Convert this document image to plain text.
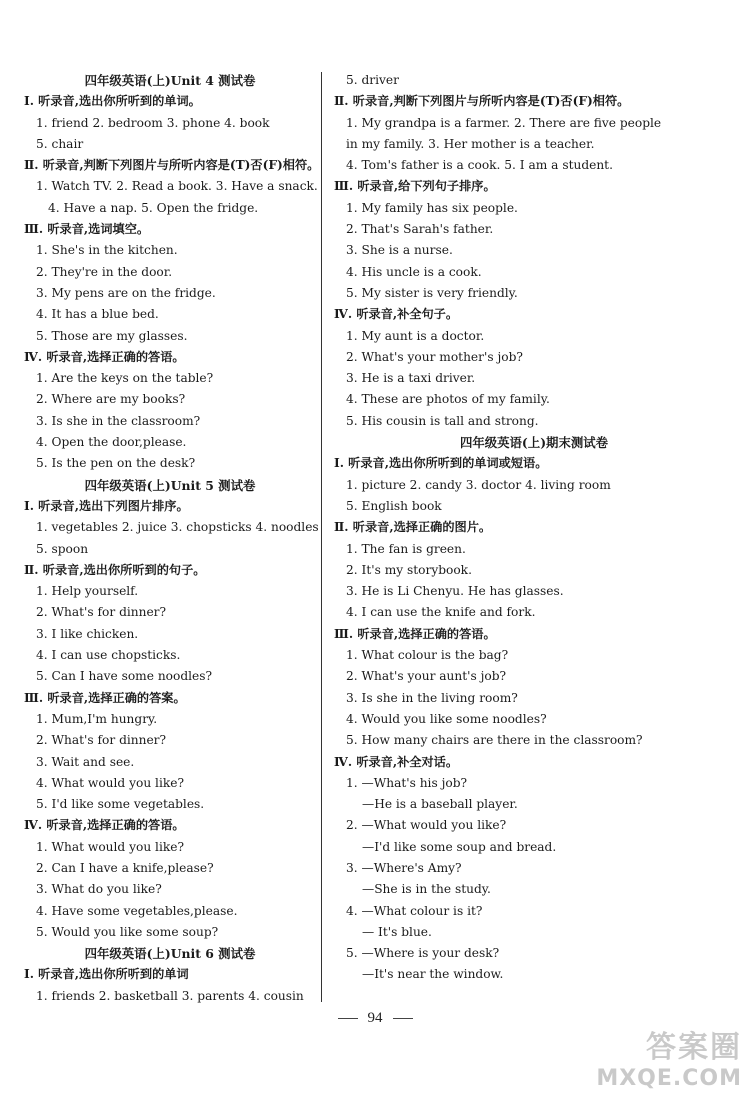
四年级英语(上)Unit 4 测试卷
Ⅰ. 听录音,选出你所听到的单词。
1. friend 2. bedroom 3. phone 4. book
5. chair
Ⅱ. 听录音,判断下列图片与所听内容是(T)否(F)相符。
1. Watch TV. 2. Read a book. 3. Have a snack.
4. Have a nap. 5. Open the fridge.
Ⅲ. 听录音,选词填空。
1. She's in the kitchen.
2. They're in the door.
3. My pens are on the fridge.
4. It has a blue bed.
5. Those are my glasses.
Ⅳ. 听录音,选择正确的答语。
1. Are the keys on the table?
2. Where are my books?
3. Is she in the classroom?
4. Open the door,please.
5. Is the pen on the desk?
四年级英语(上)Unit 5 测试卷
Ⅰ. 听录音,选出下列图片排序。
1. vegetables 2. juice 3. chopsticks 4. noodles
5. spoon
Ⅱ. 听录音,选出你所听到的句子。
1. Help yourself.
2. What's for dinner?
3. I like chicken.
4. I can use chopsticks.
5. Can I have some noodles?
Ⅲ. 听录音,选择正确的答案。
1. Mum,I'm hungry.
2. What's for dinner?
3. Wait and see.
4. What would you like?
5. I'd like some vegetables.
Ⅳ. 听录音,选择正确的答语。
1. What would you like?
2. Can I have a knife,please?
3. What do you like?
4. Have some vegetables,please.
5. Would you like some soup?
四年级英语(上)Unit 6 测试卷
Ⅰ. 听录音,选出你所听到的单词
1. friends 2. basketball 3. parents 4. cousin
5. driver
Ⅱ. 听录音,判断下列图片与所听内容是(T)否(F)相符。
1. My grandpa is a farmer. 2. There are five people
in my family. 3. Her mother is a teacher.
4. Tom's father is a cook. 5. I am a student.
Ⅲ. 听录音,给下列句子排序。
1. My family has six people.
2. That's Sarah's father.
3. She is a nurse.
4. His uncle is a cook.
5. My sister is very friendly.
Ⅳ. 听录音,补全句子。
1. My aunt is a doctor.
2. What's your mother's job?
3. He is a taxi driver.
4. These are photos of my family.
5. His cousin is tall and strong.
四年级英语(上)期末测试卷
Ⅰ. 听录音,选出你所听到的单词或短语。
1. picture 2. candy 3. doctor 4. living room
5. English book
Ⅱ. 听录音,选择正确的图片。
1. The fan is green.
2. It's my storybook.
3. He is Li Chenyu. He has glasses.
4. I can use the knife and fork.
Ⅲ. 听录音,选择正确的答语。
1. What colour is the bag?
2. What's your aunt's job?
3. Is she in the living room?
4. Would you like some noodles?
5. How many chairs are there in the classroom?
Ⅳ. 听录音,补全对话。
1. —What's his job?
—He is a baseball player.
2. —What would you like?
—I'd like some soup and bread.
3. —Where's Amy?
—She is in the study.
4. —What colour is it?
— It's blue.
5. —Where is your desk?
—It's near the window.
94
答案圈
MXQE.COM
